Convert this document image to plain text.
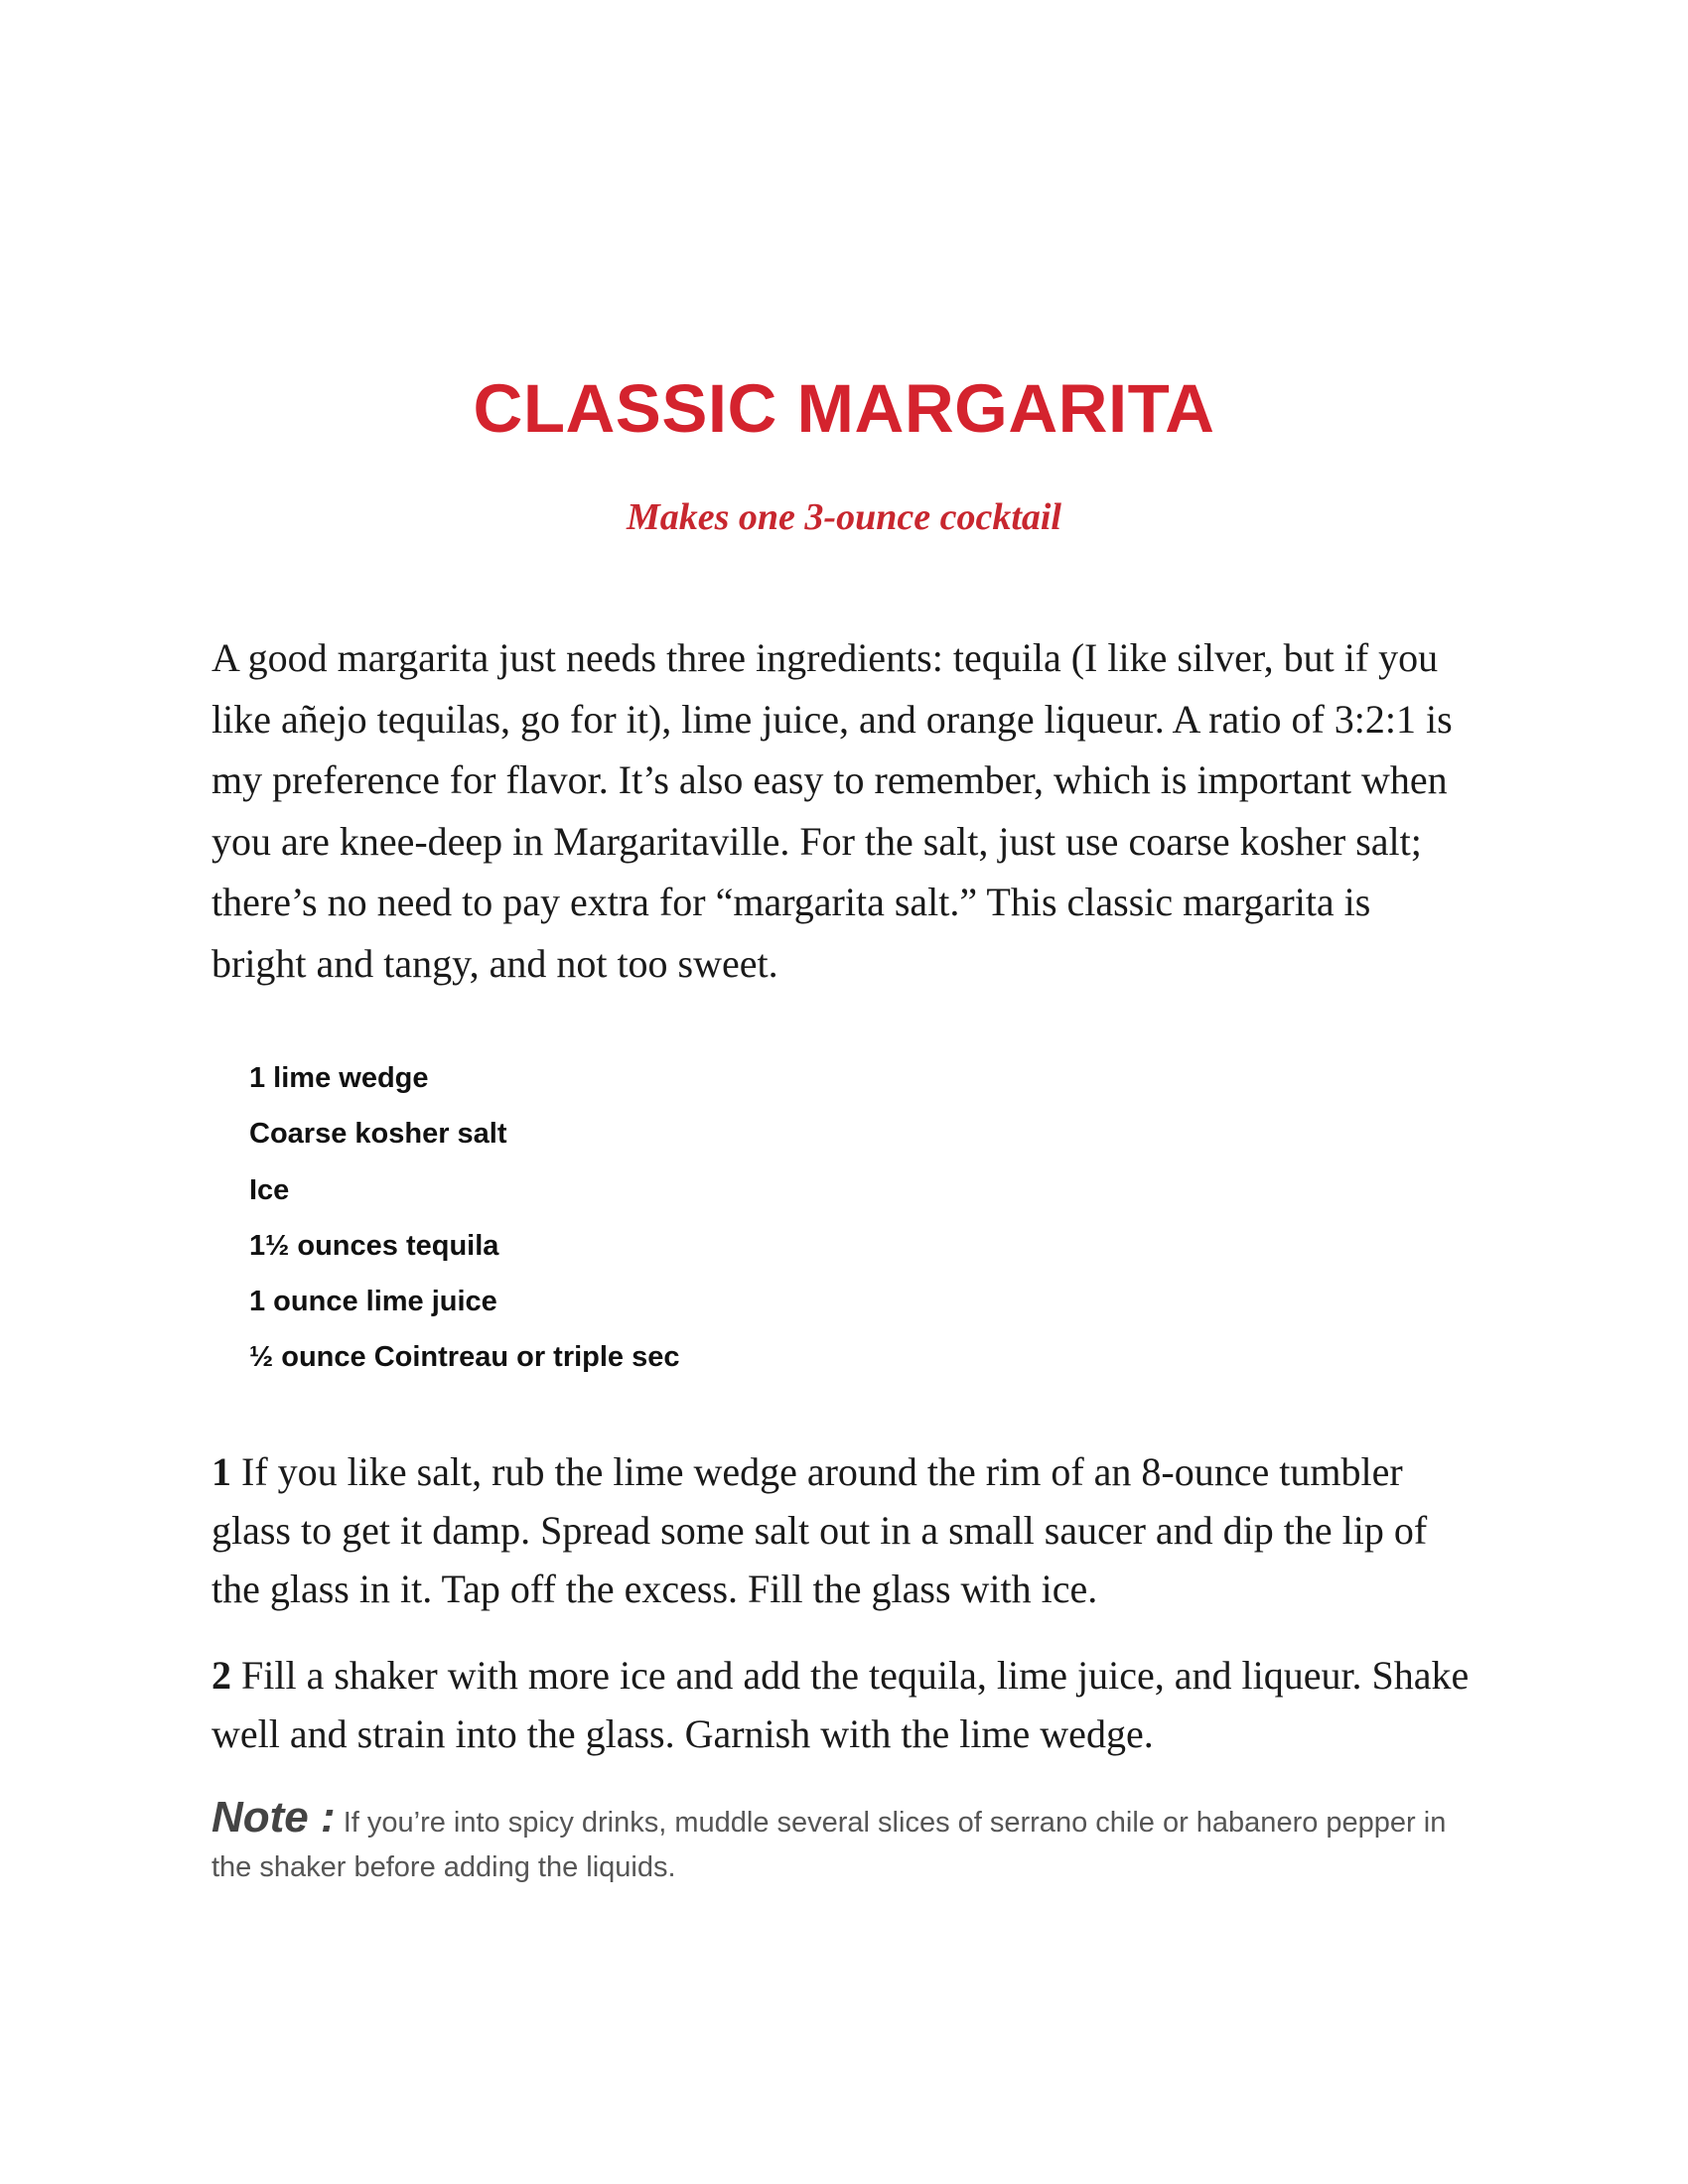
CLASSIC MARGARITA

Makes one 3-ounce cocktail

A good margarita just needs three ingredients: tequila (I like silver, but if you like añejo tequilas, go for it), lime juice, and orange liqueur. A ratio of 3:2:1 is my preference for flavor. It’s also easy to remember, which is important when you are knee-deep in Margaritaville. For the salt, just use coarse kosher salt; there’s no need to pay extra for “margarita salt.” This classic margarita is bright and tangy, and not too sweet.

1 lime wedge
Coarse kosher salt
Ice
1½ ounces tequila
1 ounce lime juice
½ ounce Cointreau or triple sec

1 If you like salt, rub the lime wedge around the rim of an 8-ounce tumbler glass to get it damp. Spread some salt out in a small saucer and dip the lip of the glass in it. Tap off the excess. Fill the glass with ice.

2 Fill a shaker with more ice and add the tequila, lime juice, and liqueur. Shake well and strain into the glass. Garnish with the lime wedge.

Note : If you’re into spicy drinks, muddle several slices of serrano chile or habanero pepper in the shaker before adding the liquids.
